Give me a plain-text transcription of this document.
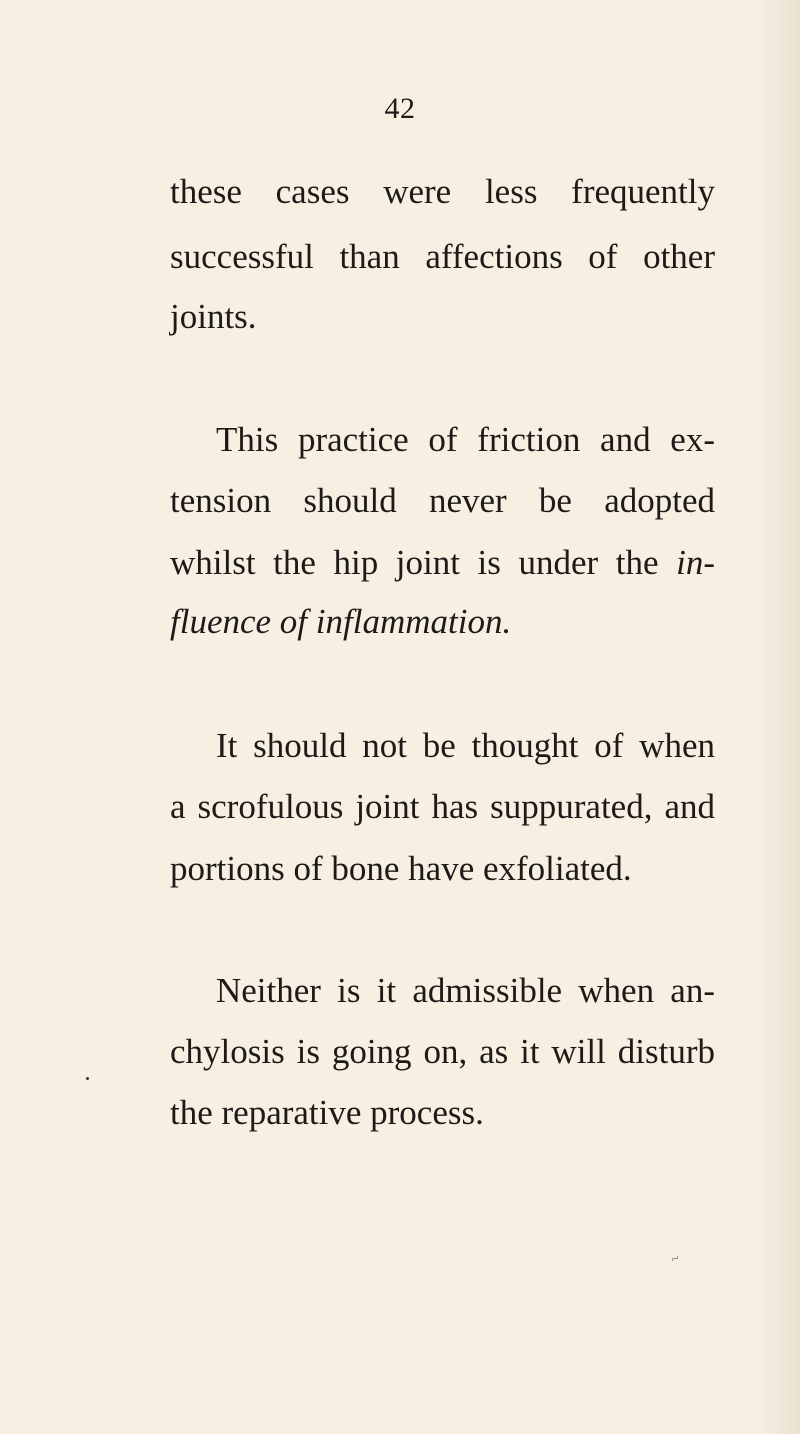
42
these cases were less frequently
successful than affections of other
joints.
This practice of friction and ex-
tension should never be adopted
whilst the hip joint is under the in-
fluence of inflammation.
It should not be thought of when
a scrofulous joint has suppurated, and
portions of bone have exfoliated.
Neither is it admissible when an-
chylosis is going on, as it will disturb
the reparative process.
~
